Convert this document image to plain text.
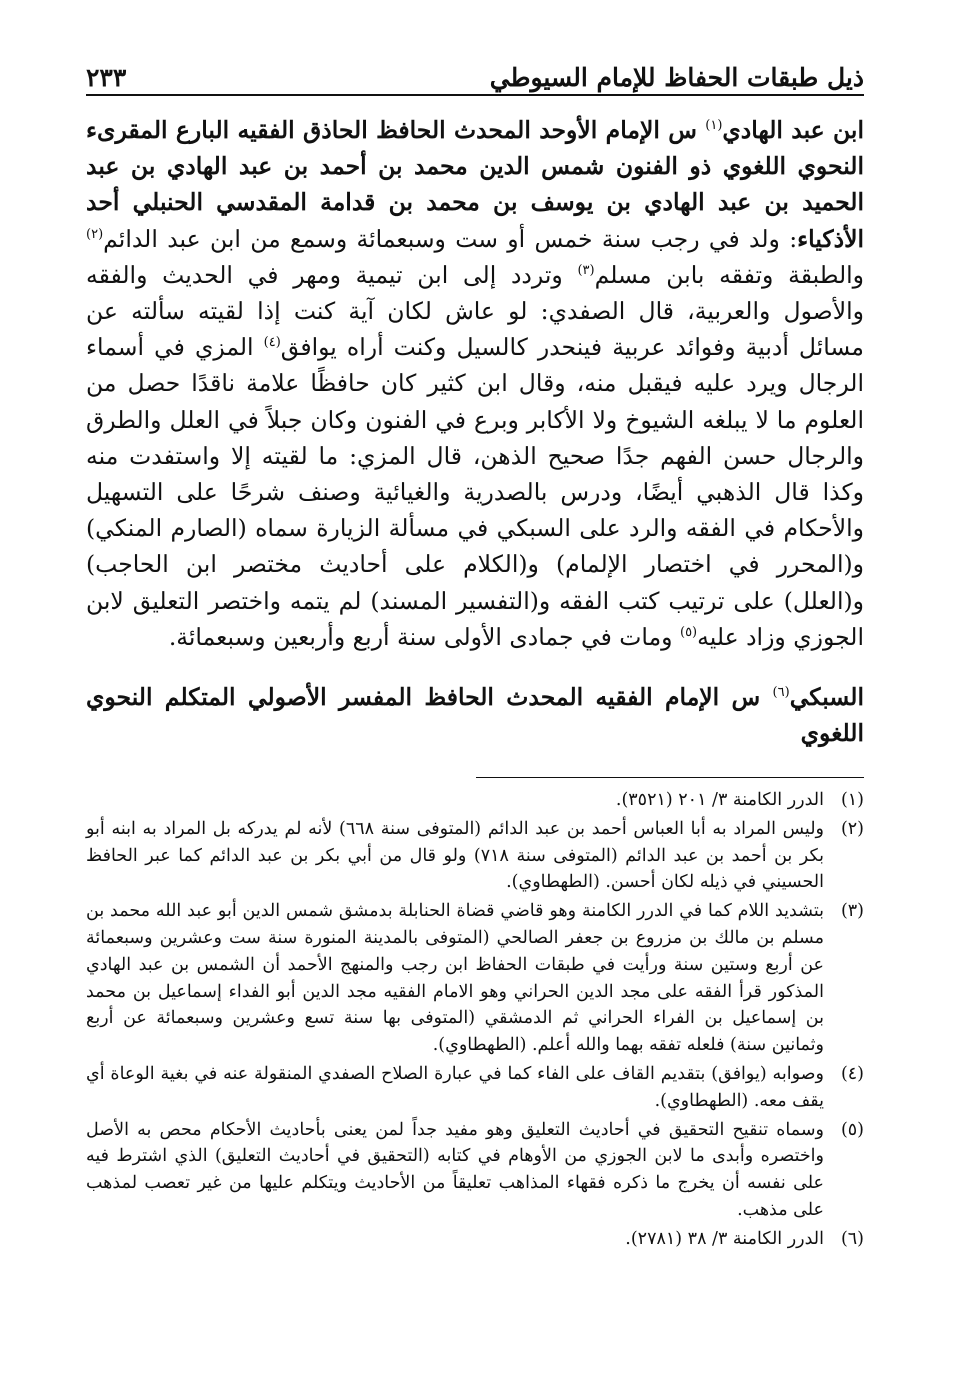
ذيل طبقات الحفاظ للإمام السيوطي
٢٣٣

ابن عبد الهادي$^{(١)}$ س الإمام الأوحد المحدث الحافظ الحاذق الفقيه البارع المقرىء النحوي اللغوي ذو الفنون شمس الدين محمد بن أحمد بن عبد الهادي بن عبد الحميد بن عبد الهادي بن يوسف بن محمد بن قدامة المقدسي الحنبلي أحد الأذكياء: ولد في رجب سنة خمس أو ست وسبعمائة وسمع من ابن عبد الدائم$^{(٢)}$ والطبقة وتفقه بابن مسلم$^{(٣)}$ وتردد إلى ابن تيمية ومهر في الحديث والفقه والأصول والعربية، قال الصفدي: لو عاش لكان آية كنت إذا لقيته سألته عن مسائل أدبية وفوائد عربية فينحدر كالسيل وكنت أراه يوافق$^{(٤)}$ المزي في أسماء الرجال ويرد عليه فيقبل منه، وقال ابن كثير كان حافظًا علامة ناقدًا حصل من العلوم ما لا يبلغه الشيوخ ولا الأكابر وبرع في الفنون وكان جبلاً في العلل والطرق والرجال حسن الفهم جدًا صحيح الذهن، قال المزي: ما لقيته إلا واستفدت منه وكذا قال الذهبي أيضًا، ودرس بالصدرية والغيائية وصنف شرحًا على التسهيل والأحكام في الفقه والرد على السبكي في مسألة الزيارة سماه (الصارم المنكي) و(المحرر في اختصار الإلمام) و(الكلام على أحاديث مختصر ابن الحاجب) و(العلل) على ترتيب كتب الفقه و(التفسير المسند) لم يتمه واختصر التعليق لابن الجوزي وزاد عليه$^{(٥)}$ ومات في جمادى الأولى سنة أربع وأربعين وسبعمائة.

السبكي$^{(٦)}$ س الإمام الفقيه المحدث الحافظ المفسر الأصولي المتكلم النحوي اللغوي

(١)
الدرر الكامنة ٣/ ٢٠١ (٣٥٢١).
(٢)
وليس المراد به أبا العباس أحمد بن عبد الدائم (المتوفى سنة ٦٦٨) لأنه لم يدركه بل المراد به ابنه أبو بكر بن أحمد بن عبد الدائم (المتوفى سنة ٧١٨) ولو قال من أبي بكر بن عبد الدائم كما عبر الحافظ الحسيني في ذيله لكان أحسن. (الطهطاوي).
(٣)
بتشديد اللام كما في الدرر الكامنة وهو قاضي قضاة الحنابلة بدمشق شمس الدين أبو عبد الله محمد بن مسلم بن مالك بن مزروع بن جعفر الصالحي (المتوفى بالمدينة المنورة سنة ست وعشرين وسبعمائة عن أربع وستين سنة ورأيت في طبقات الحفاظ ابن رجب والمنهج الأحمد أن الشمس بن عبد الهادي المذكور قرأ الفقه على مجد الدين الحراني وهو الامام الفقيه مجد الدين أبو الفداء إسماعيل بن محمد بن إسماعيل بن الفراء الحراني ثم الدمشقي (المتوفى بها سنة تسع وعشرين وسبعمائة عن أربع وثمانين سنة) فلعله تفقه بهما والله أعلم. (الطهطاوي).
(٤)
وصوابه (يوافق) بتقديم القاف على الفاء كما في عبارة الصلاح الصفدي المنقولة عنه في بغية الوعاة أي يقف معه. (الطهطاوي).
(٥)
وسماه تنقيح التحقيق في أحاديث التعليق وهو مفيد جداً لمن يعنى بأحاديث الأحكام محص به الأصل واختصره وأبدى ما لابن الجوزي من الأوهام في كتابه (التحقيق في أحاديث التعليق) الذي اشترط فيه على نفسه أن يخرج ما ذكره فقهاء المذاهب تعليقاً من الأحاديث ويتكلم عليها من غير تعصب لمذهب على مذهب.
(٦)
الدرر الكامنة ٣/ ٣٨ (٢٧٨١).
